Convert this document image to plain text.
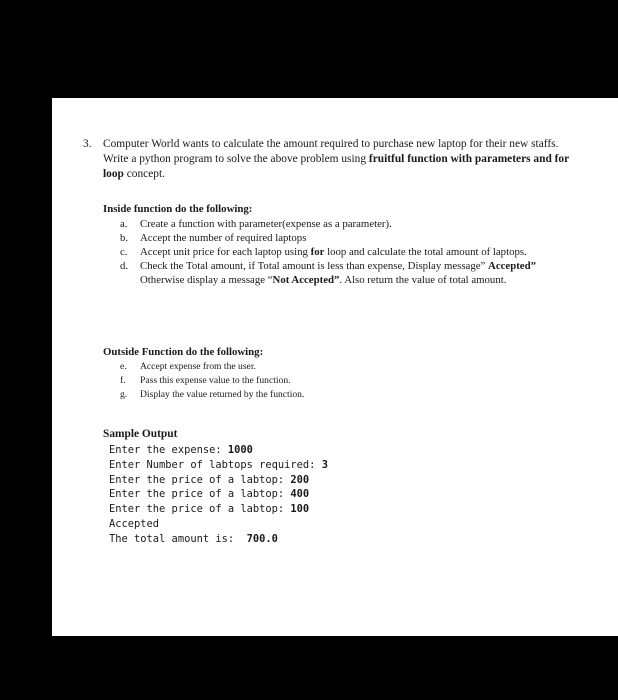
3. Computer World wants to calculate the amount required to purchase new laptop for their new staffs. Write a python program to solve the above problem using fruitful function with parameters and for loop concept.
Inside function do the following:
a.	Create a function with parameter(expense as a parameter).
b.	Accept the number of required laptops
c.	Accept unit price for each laptop using for loop and calculate the total amount of laptops.
d.	Check the Total amount, if Total amount is less than expense, Display message” Accepted” Otherwise display a message “Not Accepted”. Also return the value of total amount.
Outside Function do the following:
e.	Accept expense from the user.
f.	Pass this expense value to the function.
g.	Display the value returned by the function.
Sample Output
Enter the expense: 1000
Enter Number of labtops required: 3
Enter the price of a labtop: 200
Enter the price of a labtop: 400
Enter the price of a labtop: 100
Accepted
The total amount is:  700.0
